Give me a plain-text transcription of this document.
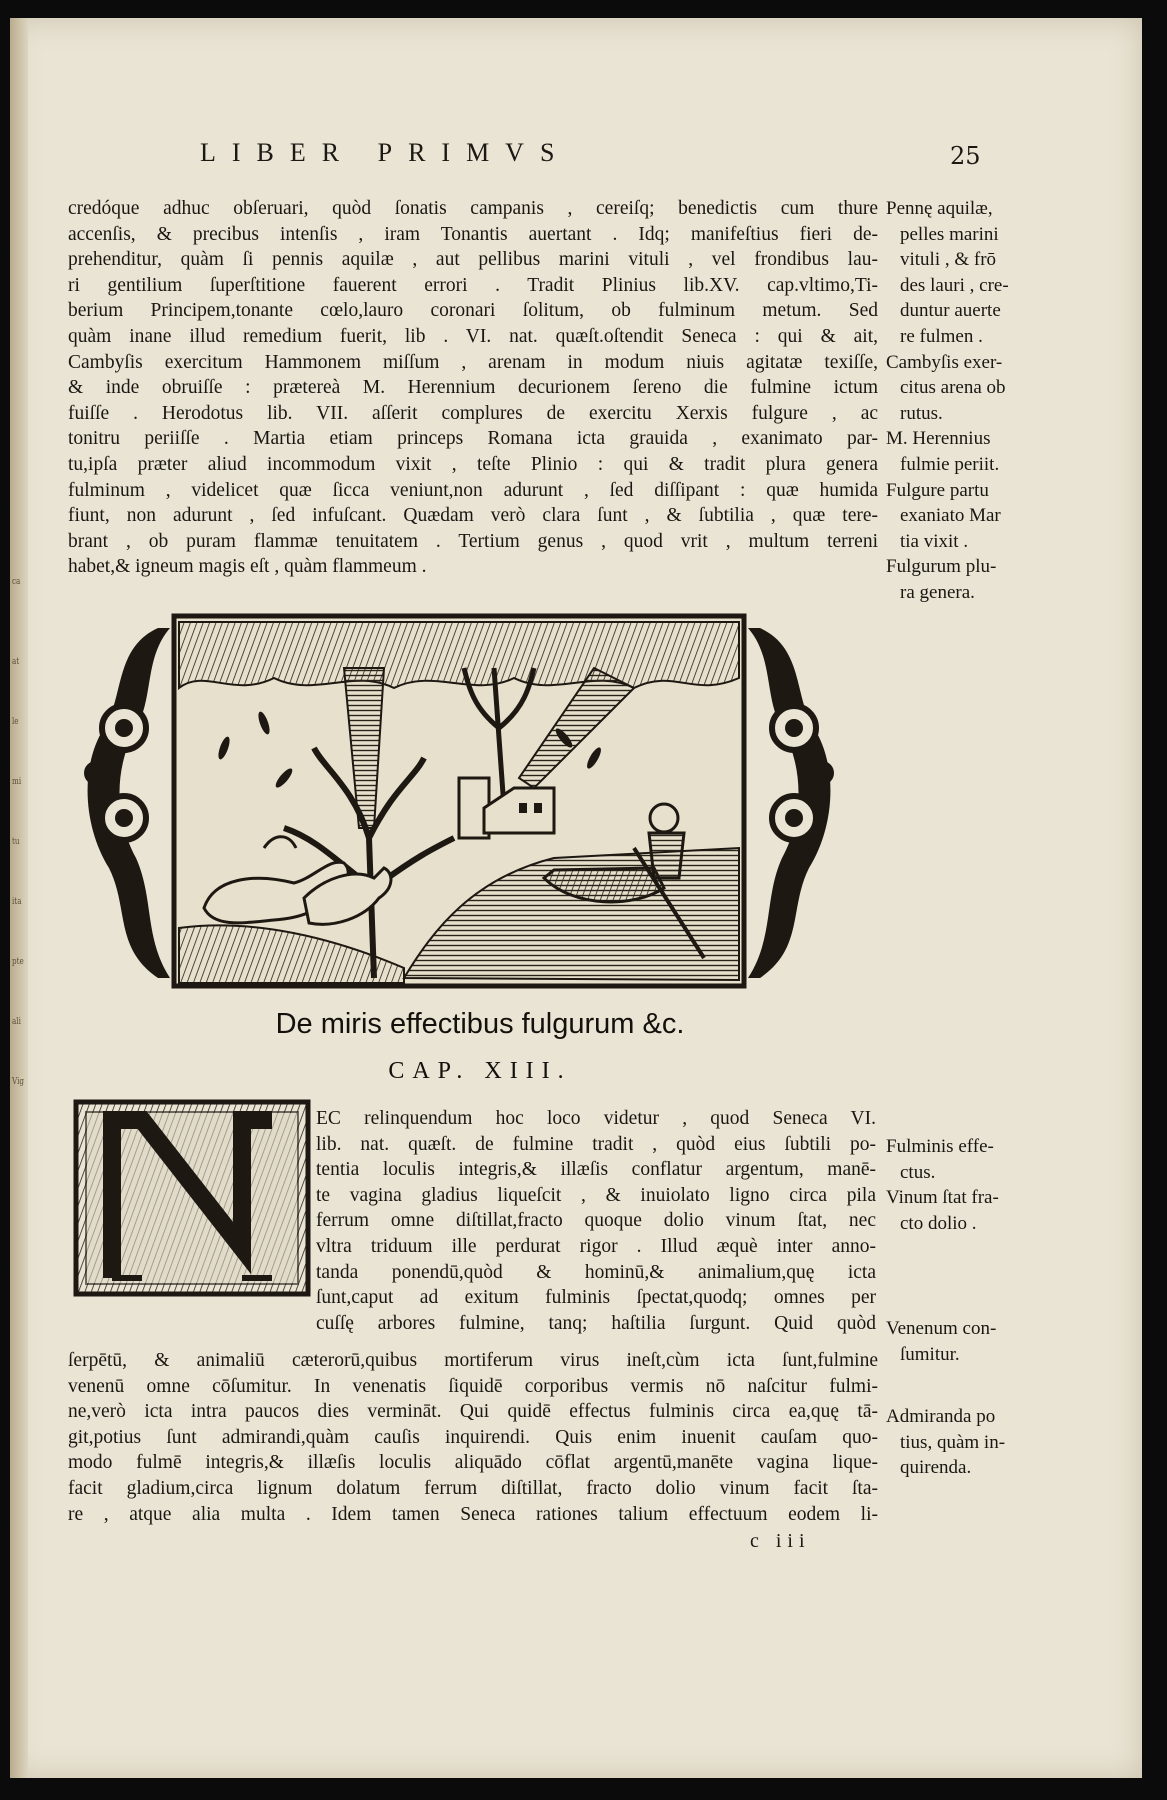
ca
at
le
mi
tu
ita
pte
ali
Vig
LIBER PRIMVS	25
credóque adhuc obſeruari, quòd ſonatis campanis , cereiſq; benedictis cum thure
accenſis, & precibus intenſis , iram Tonantis auertant . Idq; manifeſtius fieri de-
prehenditur, quàm ſi pennis aquilæ , aut pellibus marini vituli , vel frondibus lau-
ri gentilium ſuperſtitione fauerent errori . Tradit Plinius lib.XV. cap.vltimo,Ti-
berium Principem,tonante cœlo,lauro coronari ſolitum, ob fulminum metum. Sed
quàm inane illud remedium fuerit, lib . VI. nat. quæſt.oſtendit Seneca : qui & ait,
Cambyſis exercitum Hammonem miſſum , arenam in modum niuis agitatæ texiſſe,
& inde obruiſſe : prætereà M. Herennium decurionem ſereno die fulmine ictum
fuiſſe . Herodotus lib. VII. aſſerit complures de exercitu Xerxis fulgure , ac
tonitru periiſſe . Martia etiam princeps Romana icta grauida , exanimato par-
tu,ipſa præter aliud incommodum vixit , teſte Plinio : qui & tradit plura genera
fulminum , videlicet quæ ſicca veniunt,non adurunt , ſed diſſipant : quæ humida
fiunt, non adurunt , ſed infuſcant. Quædam verò clara ſunt , & ſubtilia , quæ tere-
brant , ob puram flammæ tenuitatem . Tertium genus , quod vrit , multum terreni
habet,& igneum magis eſt , quàm flammeum .
Pennę aquilæ,
pelles marini
vituli , & frō
des lauri , cre-
duntur auerte
re fulmen .
Cambyſis exer-
citus arena ob
rutus.
M. Herennius
fulmie periit.
Fulgure partu
exaniato Mar
tia vixit .
Fulgurum plu-
ra genera.
De miris effectibus fulgurum &c.
CAP. XIII.
EC relinquendum hoc loco videtur , quod Seneca VI.
lib. nat. quæſt. de fulmine tradit , quòd eius ſubtili po-
tentia loculis integris,& illæſis conflatur argentum, manē-
te vagina gladius liqueſcit , & inuiolato ligno circa pila
ferrum omne diſtillat,fracto quoque dolio vinum ſtat, nec
vltra triduum ille perdurat rigor . Illud æquè inter anno-
tanda ponendū,quòd & hominū,& animalium,quę icta
ſunt,caput ad exitum fulminis ſpectat,quodq; omnes per
cuſſę arbores fulmine, tanq; haſtilia ſurgunt. Quid quòd
ſerpētū, & animaliū cæterorū,quibus mortiferum virus ineſt,cùm icta ſunt,fulmine
venenū omne cōſumitur. In venenatis ſiquidē corporibus vermis nō naſcitur fulmi-
ne,verò icta intra paucos dies vermināt. Qui quidē effectus fulminis circa ea,quę tā-
git,potius ſunt admirandi,quàm cauſis inquirendi. Quis enim inuenit cauſam quo-
modo fulmē integris,& illæſis loculis aliquādo cōflat argentū,manēte vagina lique-
facit gladium,circa lignum dolatum ferrum diſtillat, fracto dolio vinum facit ſta-
re , atque alia multa . Idem tamen Seneca rationes talium effectuum eodem li-
c iii
Fulminis effe-
ctus.
Vinum ſtat fra-
cto dolio .
Venenum con-
ſumitur.
Admiranda po
tius, quàm in-
quirenda.
